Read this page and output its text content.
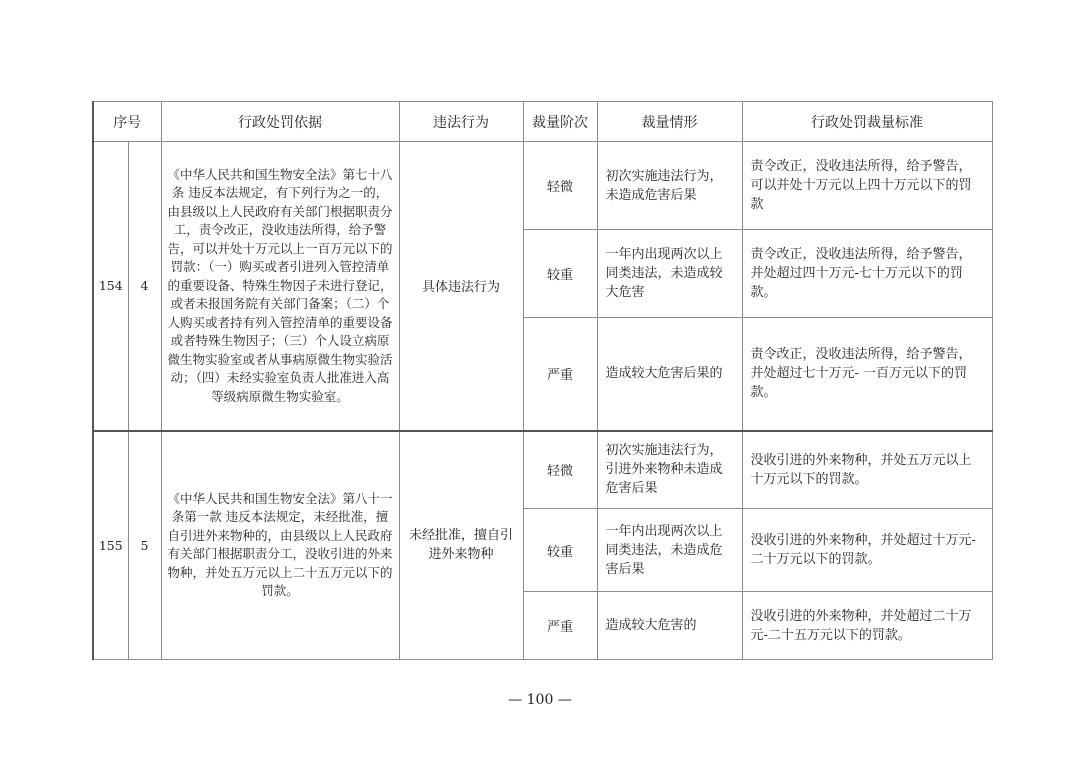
序号		行政处罚依据	违法行为	裁量阶次	裁量情形	行政处罚裁量标准
154	4	《中华人民共和国生物安全法》第七十八条 违反本法规定，有下列行为之一的，由县级以上人民政府有关部门根据职责分工，责令改正，没收违法所得，给予警告，可以并处十万元以上一百万元以下的罚款：（一）购买或者引进列入管控清单的重要设备、特殊生物因子未进行登记，或者未报国务院有关部门备案；（二）个人购买或者持有列入管控清单的重要设备或者特殊生物因子；（三）个人设立病原微生物实验室或者从事病原微生物实验活动；（四）未经实验室负责人批准进入高等级病原微生物实验室。	具体违法行为	轻微	初次实施违法行为，未造成危害后果	责令改正，没收违法所得，给予警告，可以并处十万元以上四十万元以下的罚款
				较重	一年内出现两次以上同类违法，未造成较大危害	责令改正，没收违法所得，给予警告，并处超过四十万元-七十万元以下的罚款。
				严重	造成较大危害后果的	责令改正，没收违法所得，给予警告，并处超过七十万元- 一百万元以下的罚款。
155	5	《中华人民共和国生物安全法》第八十一条第一款 违反本法规定，未经批准，擅自引进外来物种的，由县级以上人民政府有关部门根据职责分工，没收引进的外来物种，并处五万元以上二十五万元以下的罚款。	未经批准，擅自引进外来物种	轻微	初次实施违法行为，引进外来物种未造成危害后果	没收引进的外来物种，并处五万元以上十万元以下的罚款。
				较重	一年内出现两次以上同类违法，未造成危害后果	没收引进的外来物种，并处超过十万元-二十万元以下的罚款。
				严重	造成较大危害的	没收引进的外来物种，并处超过二十万元-二十五万元以下的罚款。
— 100 —
